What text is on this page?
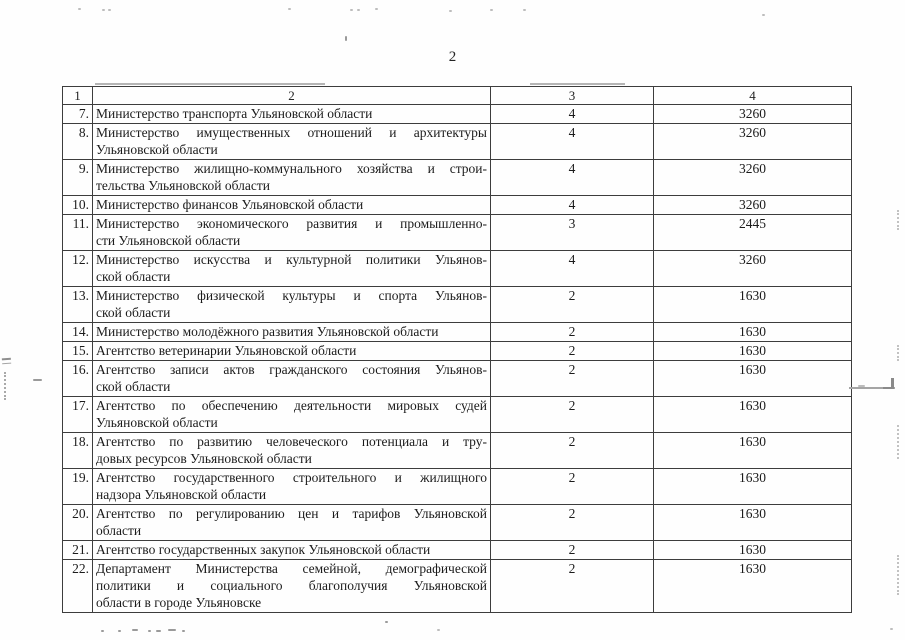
2
1	2	3	4
7.	Министерство транспорта Ульяновской области	4	3260
8.	Министерство имущественных отношений и архитектуры
Ульяновской области	4	3260
9.	Министерство жилищно-коммунального хозяйства и строи-
тельства Ульяновской области	4	3260
10.	Министерство финансов Ульяновской области	4	3260
11.	Министерство экономического развития и промышленно-
сти Ульяновской области	3	2445
12.	Министерство искусства и культурной политики Ульянов-
ской области	4	3260
13.	Министерство физической культуры и спорта Ульянов-
ской области	2	1630
14.	Министерство молодёжного развития Ульяновской области	2	1630
15.	Агентство ветеринарии Ульяновской области	2	1630
16.	Агентство записи актов гражданского состояния Ульянов-
ской области	2	1630
17.	Агентство по обеспечению деятельности мировых судей
Ульяновской области	2	1630
18.	Агентство по развитию человеческого потенциала и тру-
довых ресурсов Ульяновской области	2	1630
19.	Агентство государственного строительного и жилищного
надзора Ульяновской области	2	1630
20.	Агентство по регулированию цен и тарифов Ульяновской
области	2	1630
21.	Агентство государственных закупок Ульяновской области	2	1630
22.	Департамент Министерства семейной, демографической
политики и социального благополучия Ульяновской
области в городе Ульяновске	2	1630
